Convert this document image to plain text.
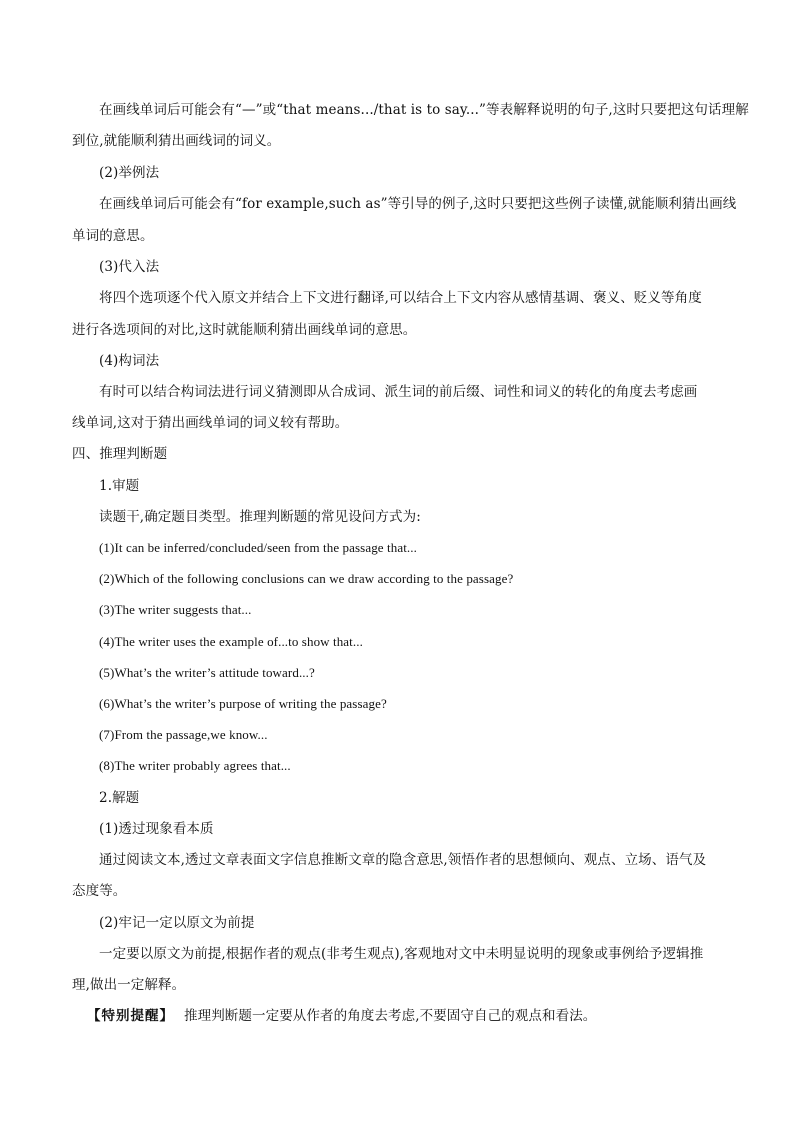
在画线单词后可能会有“—”或“that means.../that is to say...”等表解释说明的句子,这时只要把这句话理解
到位,就能顺利猜出画线词的词义。
(2)举例法
在画线单词后可能会有“for example,such as”等引导的例子,这时只要把这些例子读懂,就能顺利猜出画线
单词的意思。
(3)代入法
将四个选项逐个代入原文并结合上下文进行翻译,可以结合上下文内容从感情基调、褒义、贬义等角度
进行各选项间的对比,这时就能顺利猜出画线单词的意思。
(4)构词法
有时可以结合构词法进行词义猜测即从合成词、派生词的前后缀、词性和词义的转化的角度去考虑画
线单词,这对于猜出画线单词的词义较有帮助。
四、推理判断题
1.审题
读题干,确定题目类型。推理判断题的常见设问方式为:
(1)It can be inferred/concluded/seen from the passage that...
(2)Which of the following conclusions can we draw according to the passage?
(3)The writer suggests that...
(4)The writer uses the example of...to show that...
(5)What’s the writer’s attitude toward...?
(6)What’s the writer’s purpose of writing the passage?
(7)From the passage,we know...
(8)The writer probably agrees that...
2.解题
(1)透过现象看本质
通过阅读文本,透过文章表面文字信息推断文章的隐含意思,领悟作者的思想倾向、观点、立场、语气及
态度等。
(2)牢记一定以原文为前提
一定要以原文为前提,根据作者的观点(非考生观点),客观地对文中未明显说明的现象或事例给予逻辑推
理,做出一定解释。
【特别提醒】 推理判断题一定要从作者的角度去考虑,不要固守自己的观点和看法。
